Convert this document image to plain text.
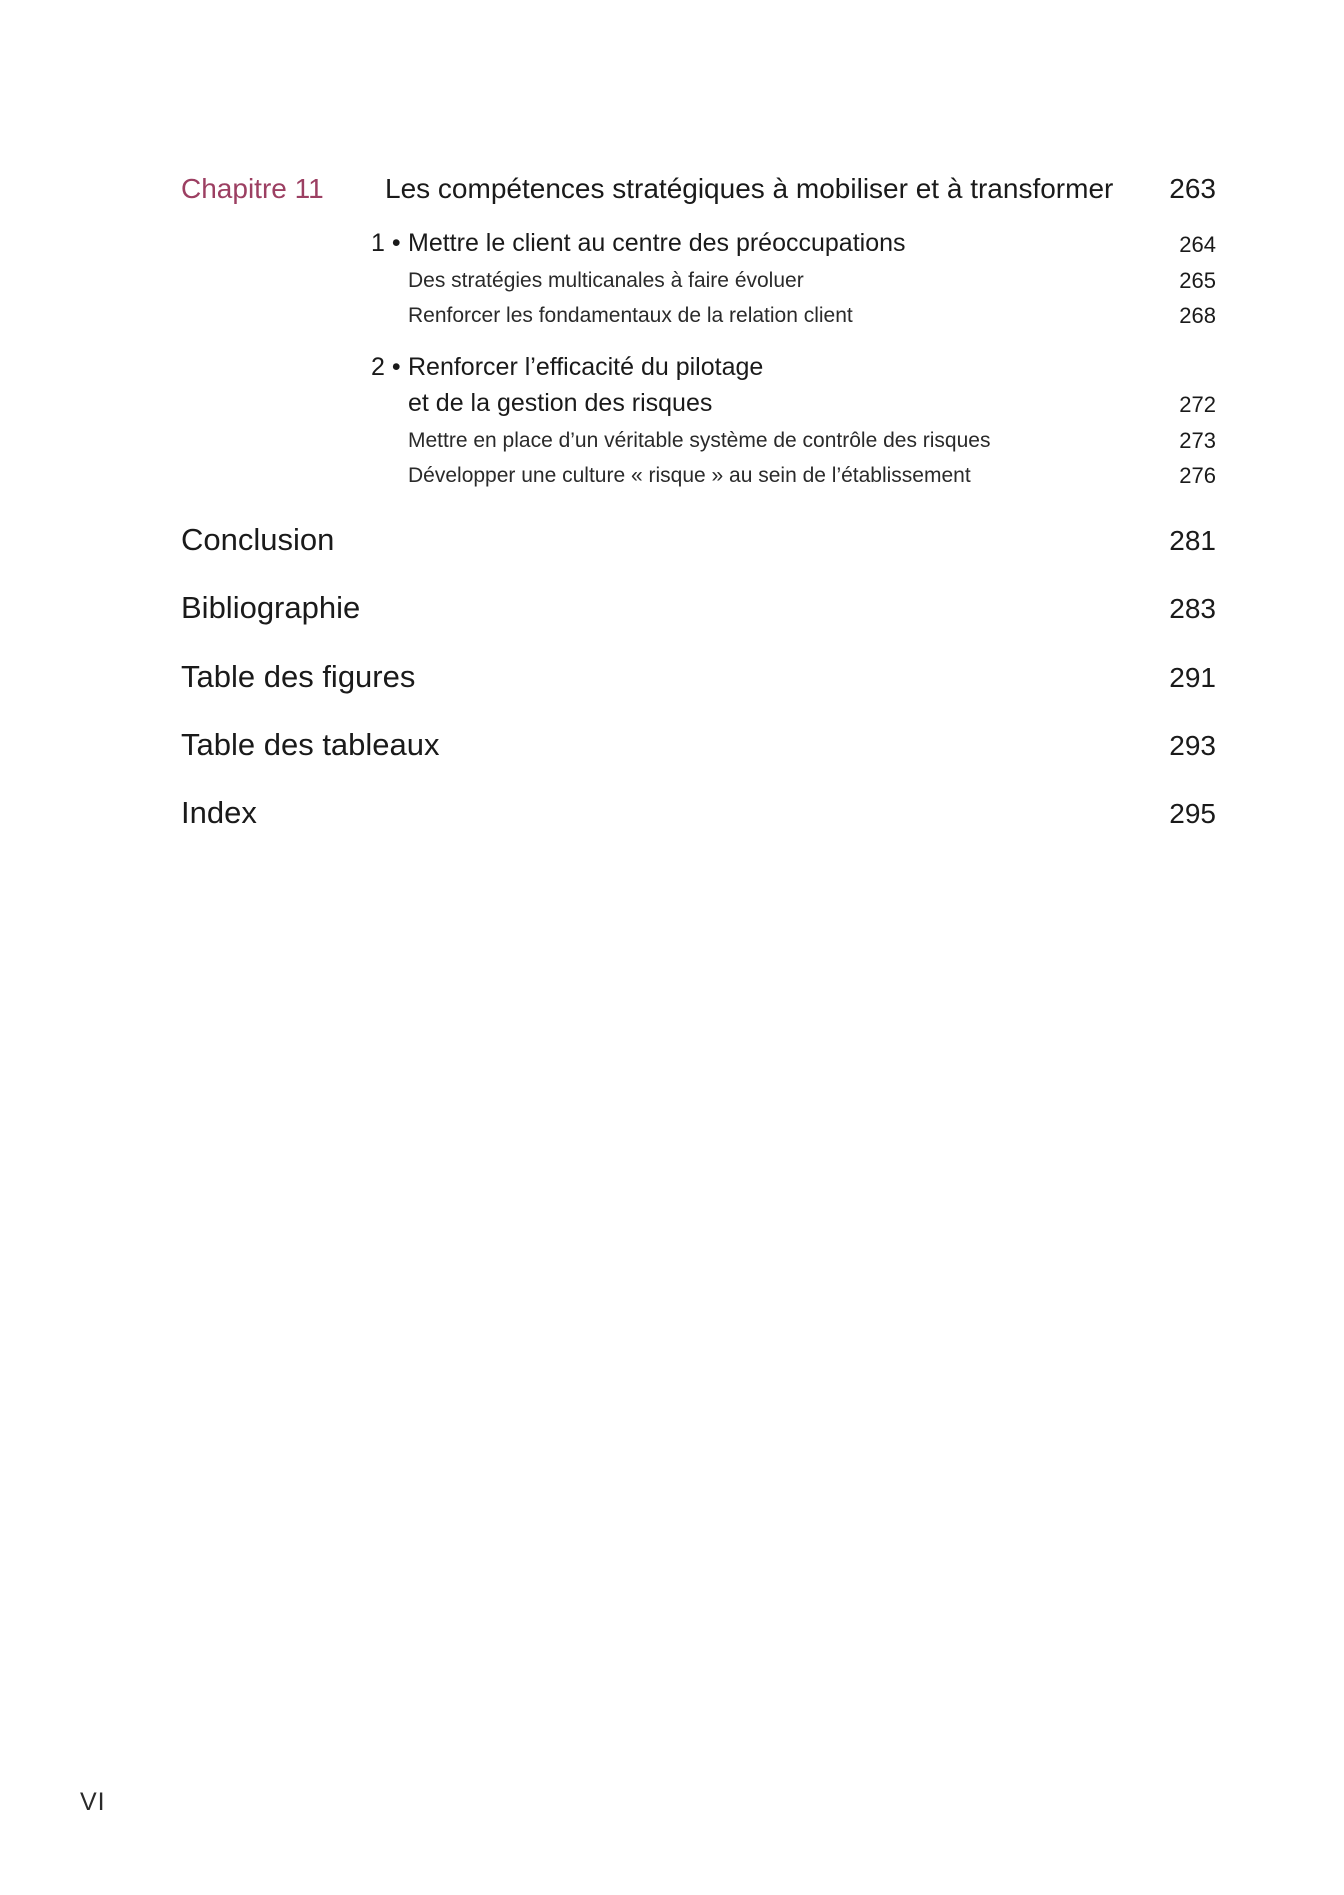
Chapitre 11 Les compétences stratégiques à mobiliser et à transformer 263
1 • Mettre le client au centre des préoccupations	264
Des stratégies multicanales à faire évoluer	265
Renforcer les fondamentaux de la relation client	268
2 • Renforcer l’efficacité du pilotage
et de la gestion des risques	272
Mettre en place d’un véritable système de contrôle des risques	273
Développer une culture « risque » au sein de l’établissement	276
Conclusion	281
Bibliographie	283
Table des figures	291
Table des tableaux	293
Index	295
VI
